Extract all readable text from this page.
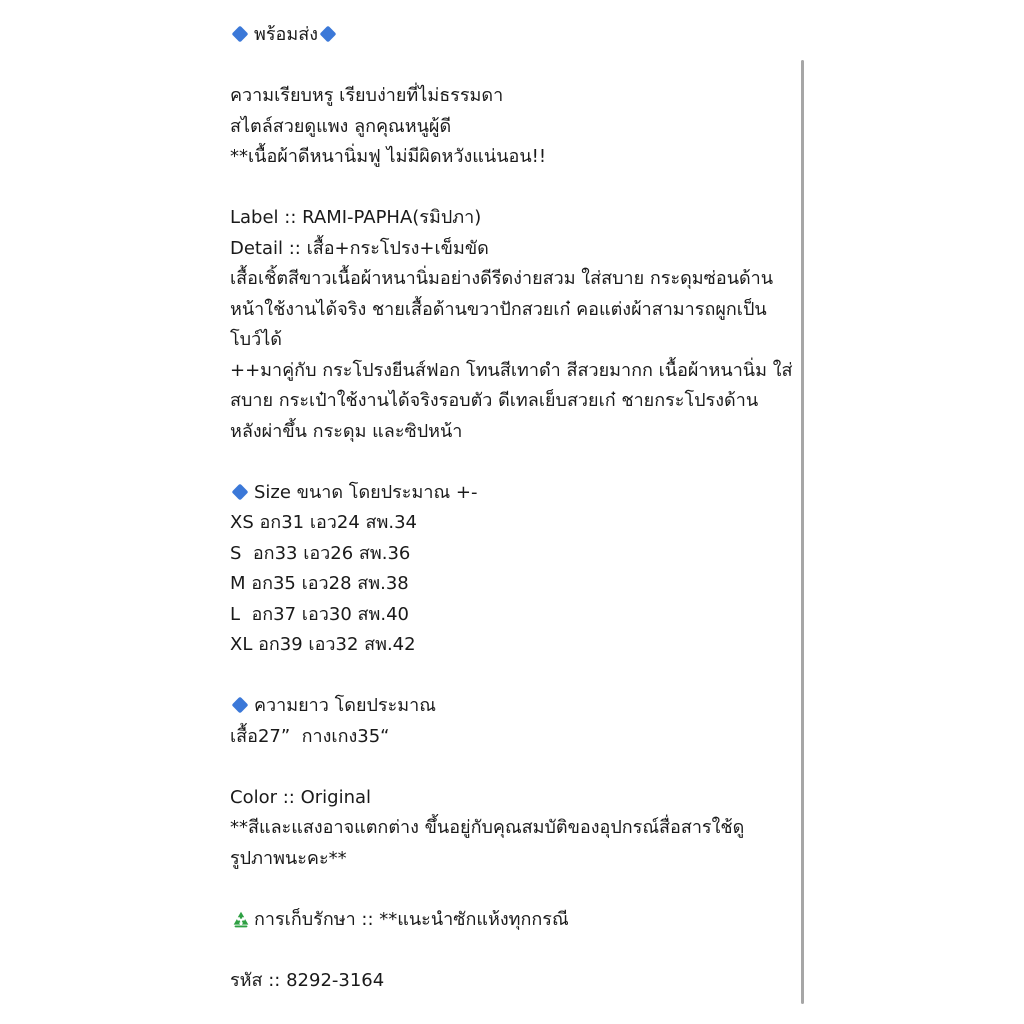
พร้อมส่ง
ความเรียบหรู เรียบง่ายที่ไม่ธรรมดา
สไตล์สวยดูแพง ลูกคุณหนูผู้ดี
**เนื้อผ้าดีหนานิ่มฟู ไม่มีผิดหวังแน่นอน!!
Label :: RAMI-PAPHA(รมิปภา)
Detail :: เสื้อ+กระโปรง+เข็มขัด
เสื้อเชิ้ตสีขาวเนื้อผ้าหนานิ่มอย่างดีรีดง่ายสวม ใส่สบาย กระดุมซ่อนด้าน
หน้าใช้งานได้จริง ชายเสื้อด้านขวาปักสวยเก๋ คอแต่งผ้าสามารถผูกเป็น
โบว์ได้
++มาคู่กับ กระโปรงยีนส์ฟอก โทนสีเทาดำ สีสวยมากก เนื้อผ้าหนานิ่ม ใส่
สบาย กระเป๋าใช้งานได้จริงรอบตัว ดีเทลเย็บสวยเก๋ ชายกระโปรงด้าน
หลังผ่าขึ้น กระดุม และซิปหน้า
Size ขนาด โดยประมาณ +-
XS อก31 เอว24 สพ.34
S  อก33 เอว26 สพ.36
M อก35 เอว28 สพ.38
L  อก37 เอว30 สพ.40
XL อก39 เอว32 สพ.42
ความยาว โดยประมาณ
เสื้อ27”  กางเกง35“
Color :: Original
**สีและแสงอาจแตกต่าง ขึ้นอยู่กับคุณสมบัติของอุปกรณ์สื่อสารใช้ดู
รูปภาพนะคะ**
การเก็บรักษา :: **แนะนำซักแห้งทุกกรณี
รหัส :: 8292-3164
